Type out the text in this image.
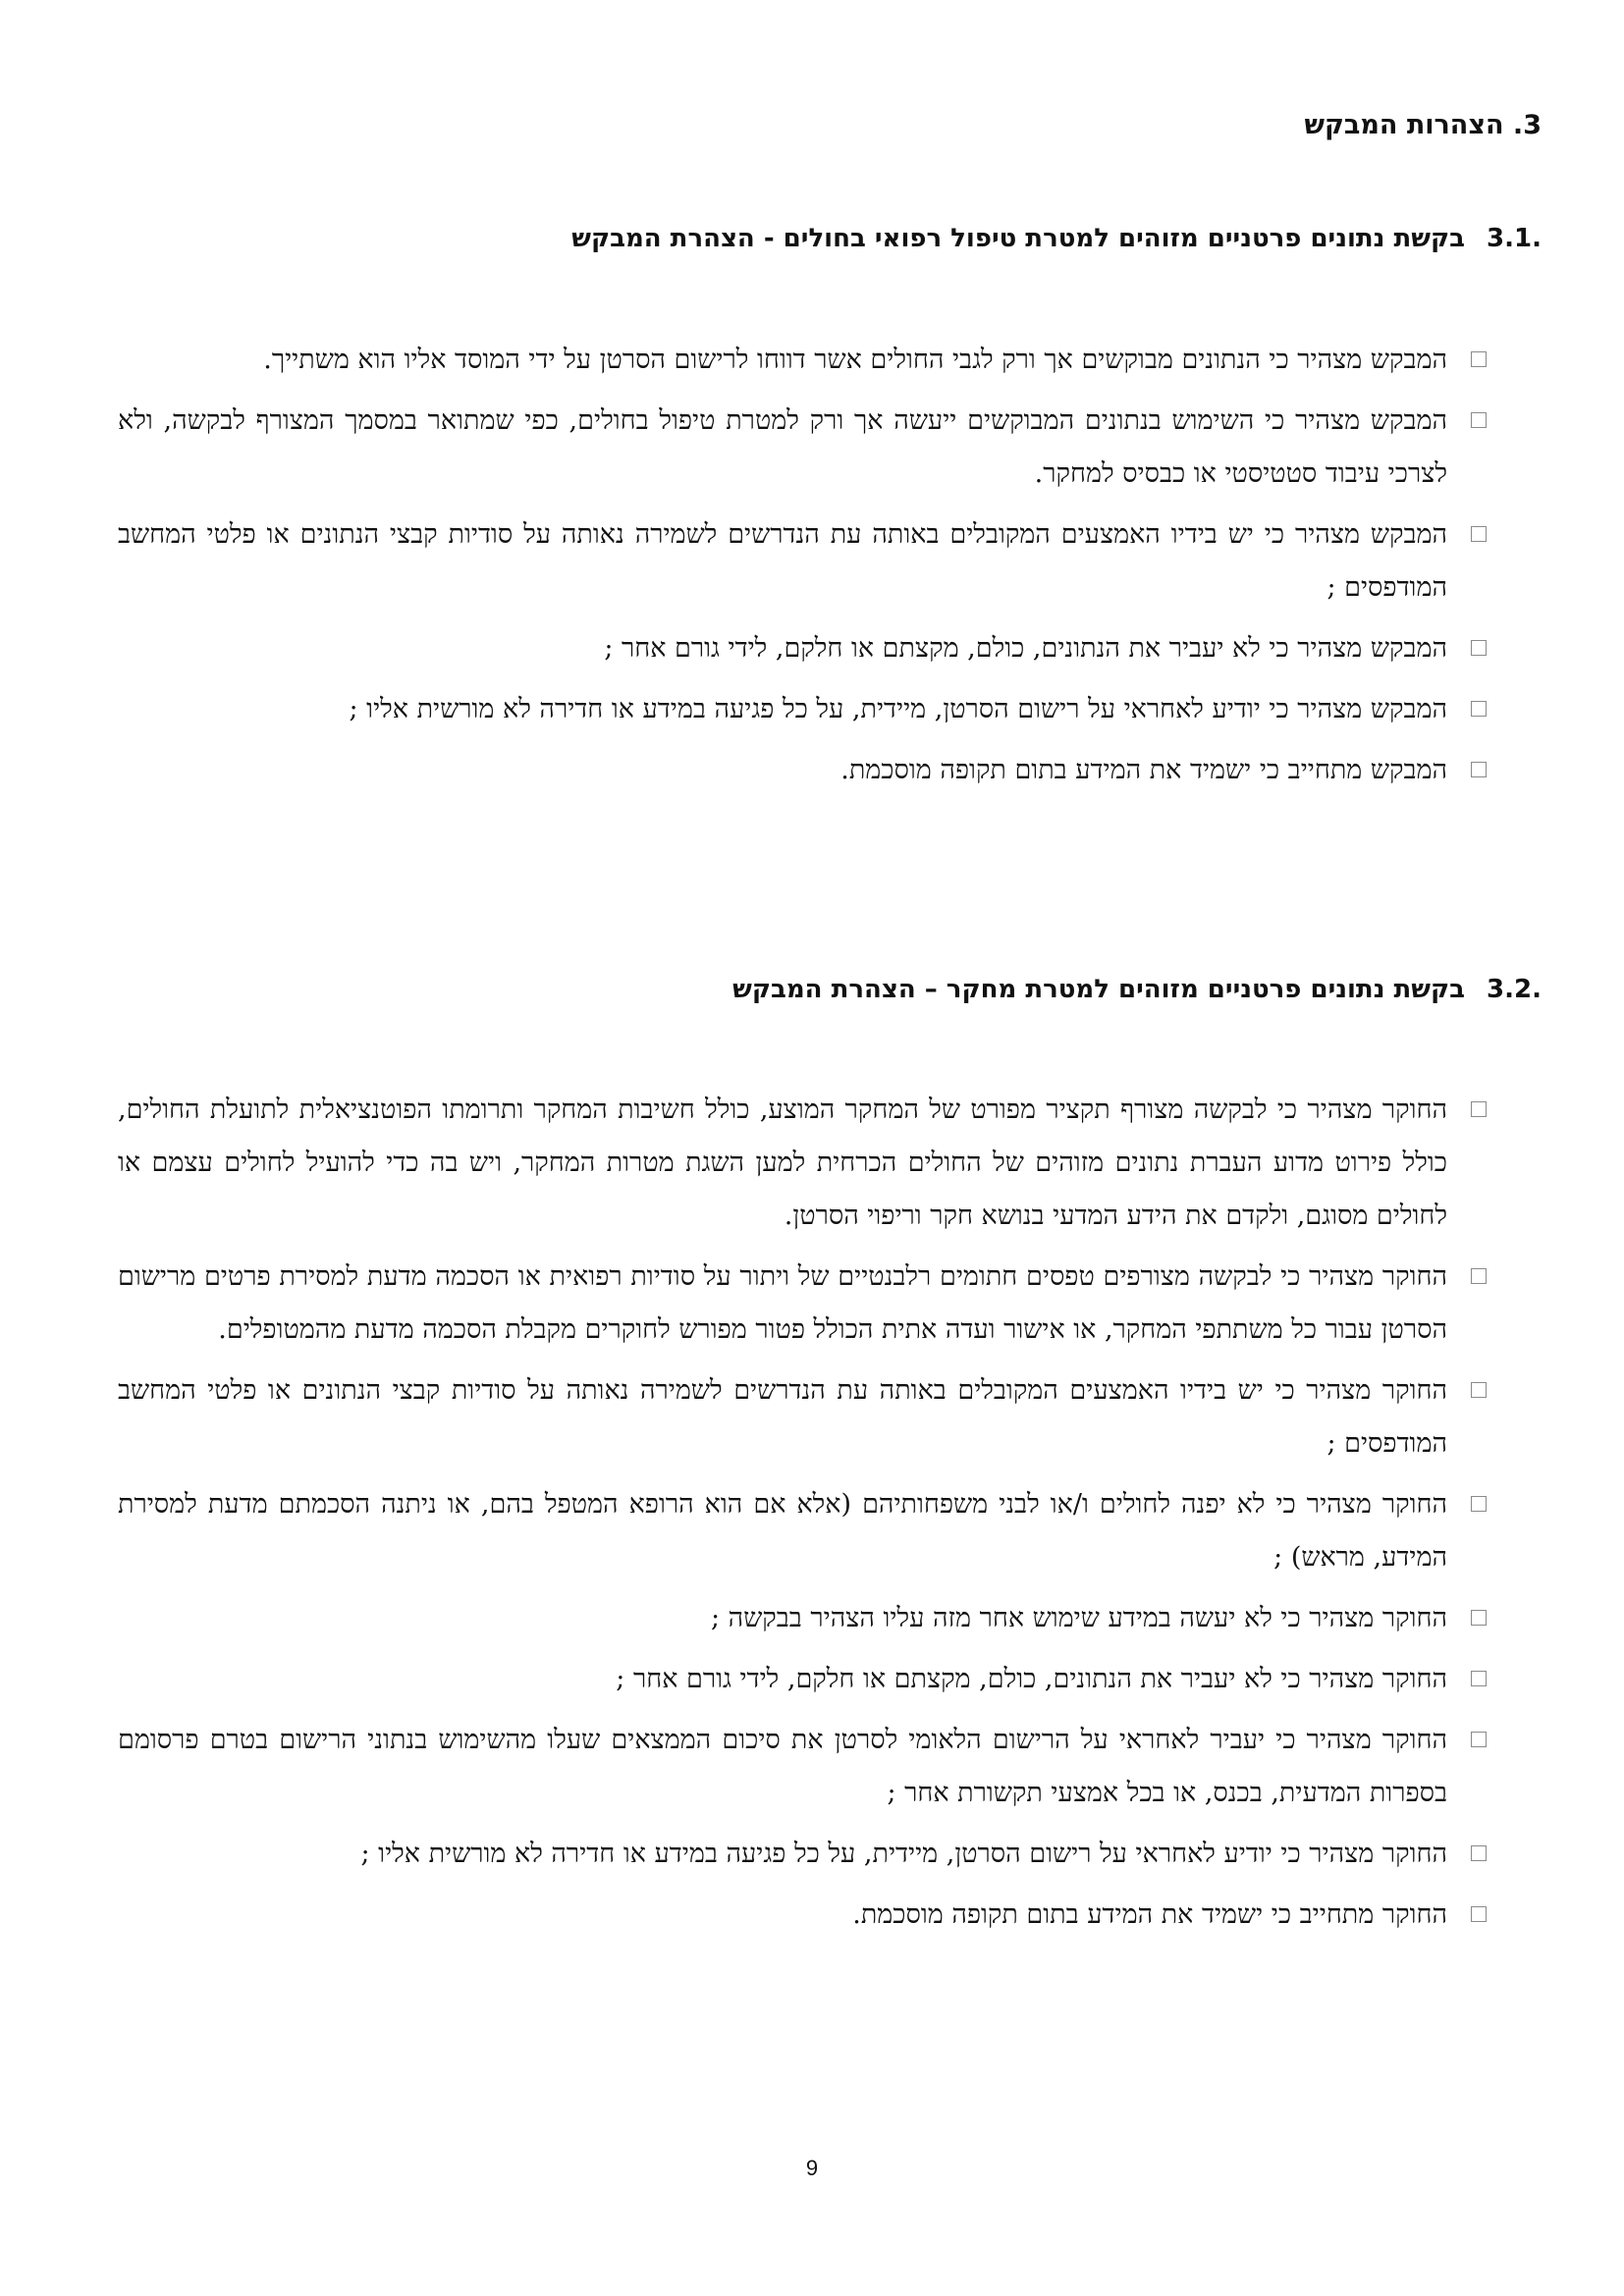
3. הצהרות המבקש
.3.1
בקשת נתונים פרטניים מזוהים למטרת טיפול רפואי בחולים - הצהרת המבקש
המבקש מצהיר כי הנתונים מבוקשים אך ורק לגבי החולים אשר דווחו לרישום הסרטן על ידי המוסד אליו הוא משתייך.
המבקש מצהיר כי השימוש בנתונים המבוקשים ייעשה אך ורק למטרת טיפול בחולים, כפי שמתואר במסמך המצורף לבקשה, ולא לצרכי עיבוד סטטיסטי או כבסיס למחקר.
המבקש מצהיר כי יש בידיו האמצעים המקובלים באותה עת הנדרשים לשמירה נאותה על סודיות קבצי הנתונים או פלטי המחשב המודפסים ;
המבקש מצהיר כי לא יעביר את הנתונים, כולם, מקצתם או חלקם, לידי גורם אחר ;
המבקש מצהיר כי יודיע לאחראי על רישום הסרטן, מיידית, על כל פגיעה במידע או חדירה לא מורשית אליו ;
המבקש מתחייב כי ישמיד את המידע בתום תקופה מוסכמת.
.3.2
בקשת נתונים פרטניים מזוהים למטרת מחקר – הצהרת המבקש
החוקר מצהיר כי לבקשה מצורף תקציר מפורט של המחקר המוצע, כולל חשיבות המחקר ותרומתו הפוטנציאלית לתועלת החולים, כולל פירוט מדוע העברת נתונים מזוהים של החולים הכרחית למען השגת מטרות המחקר, ויש בה כדי להועיל לחולים עצמם או לחולים מסוגם, ולקדם את הידע המדעי בנושא חקר וריפוי הסרטן.
החוקר מצהיר כי לבקשה מצורפים טפסים חתומים רלבנטיים של ויתור על סודיות רפואית או הסכמה מדעת למסירת פרטים מרישום הסרטן עבור כל משתתפי המחקר, או אישור ועדה אתית הכולל פטור מפורש לחוקרים מקבלת הסכמה מדעת מהמטופלים.
החוקר מצהיר כי יש בידיו האמצעים המקובלים באותה עת הנדרשים לשמירה נאותה על סודיות קבצי הנתונים או פלטי המחשב המודפסים ;
החוקר מצהיר כי לא יפנה לחולים ו/או לבני משפחותיהם (אלא אם הוא הרופא המטפל בהם, או ניתנה הסכמתם מדעת למסירת המידע, מראש) ;
החוקר מצהיר כי לא יעשה במידע שימוש אחר מזה עליו הצהיר בבקשה ;
החוקר מצהיר כי לא יעביר את הנתונים, כולם, מקצתם או חלקם, לידי גורם אחר ;
החוקר מצהיר כי יעביר לאחראי על הרישום הלאומי לסרטן את סיכום הממצאים שעלו מהשימוש בנתוני הרישום בטרם פרסומם בספרות המדעית, בכנס, או בכל אמצעי תקשורת אחר ;
החוקר מצהיר כי יודיע לאחראי על רישום הסרטן, מיידית, על כל פגיעה במידע או חדירה לא מורשית אליו ;
החוקר מתחייב כי ישמיד את המידע בתום תקופה מוסכמת.
9
